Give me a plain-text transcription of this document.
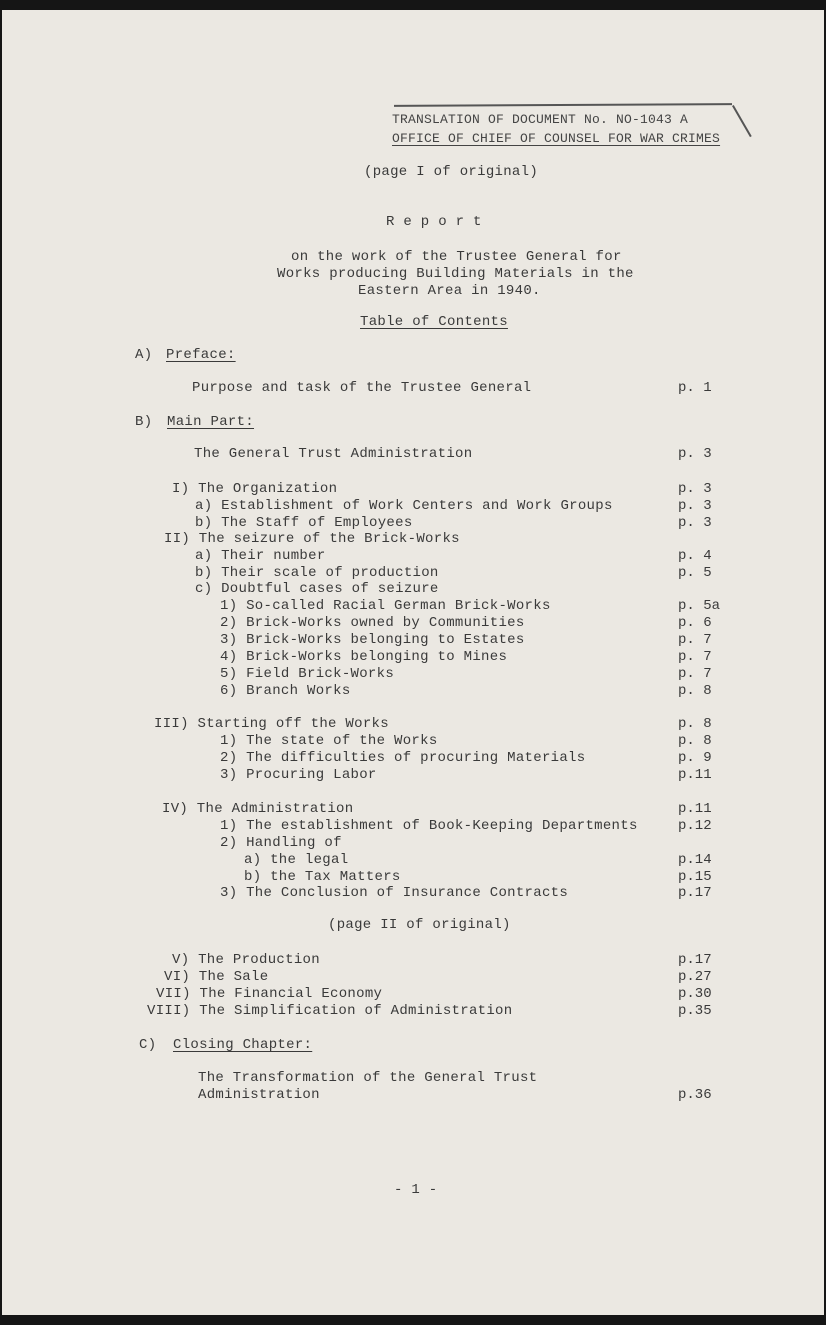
TRANSLATION OF DOCUMENT No. NO-1043 A
OFFICE OF CHIEF OF COUNSEL FOR WAR CRIMES
(page I of original)
R e p o r t
on the work of the Trustee General for
Works producing Building Materials in the
Eastern Area in 1940.
Table of Contents
A) Preface:
Purpose and task of the Trustee General	p. 1
B) Main Part:
The General Trust Administration	p. 3
I) The Organization	p. 3
a) Establishment of Work Centers and Work Groups	p. 3
b) The Staff of Employees	p. 3
II) The seizure of the Brick-Works
a) Their number	p. 4
b) Their scale of production	p. 5
c) Doubtful cases of seizure
1) So-called Racial German Brick-Works	p. 5a
2) Brick-Works owned by Communities	p. 6
3) Brick-Works belonging to Estates	p. 7
4) Brick-Works belonging to Mines	p. 7
5) Field Brick-Works	p. 7
6) Branch Works	p. 8
III) Starting off the Works	p. 8
1) The state of the Works	p. 8
2) The difficulties of procuring Materials	p. 9
3) Procuring Labor	p.11
IV) The Administration	p.11
1) The establishment of Book-Keeping Departments	p.12
2) Handling of
a) the legal	p.14
b) the Tax Matters	p.15
3) The Conclusion of Insurance Contracts	p.17
(page II of original)
V) The Production	p.17
VI) The Sale	p.27
VII) The Financial Economy	p.30
VIII) The Simplification of Administration	p.35
C) Closing Chapter:
The Transformation of the General Trust
Administration	p.36
- 1 -
